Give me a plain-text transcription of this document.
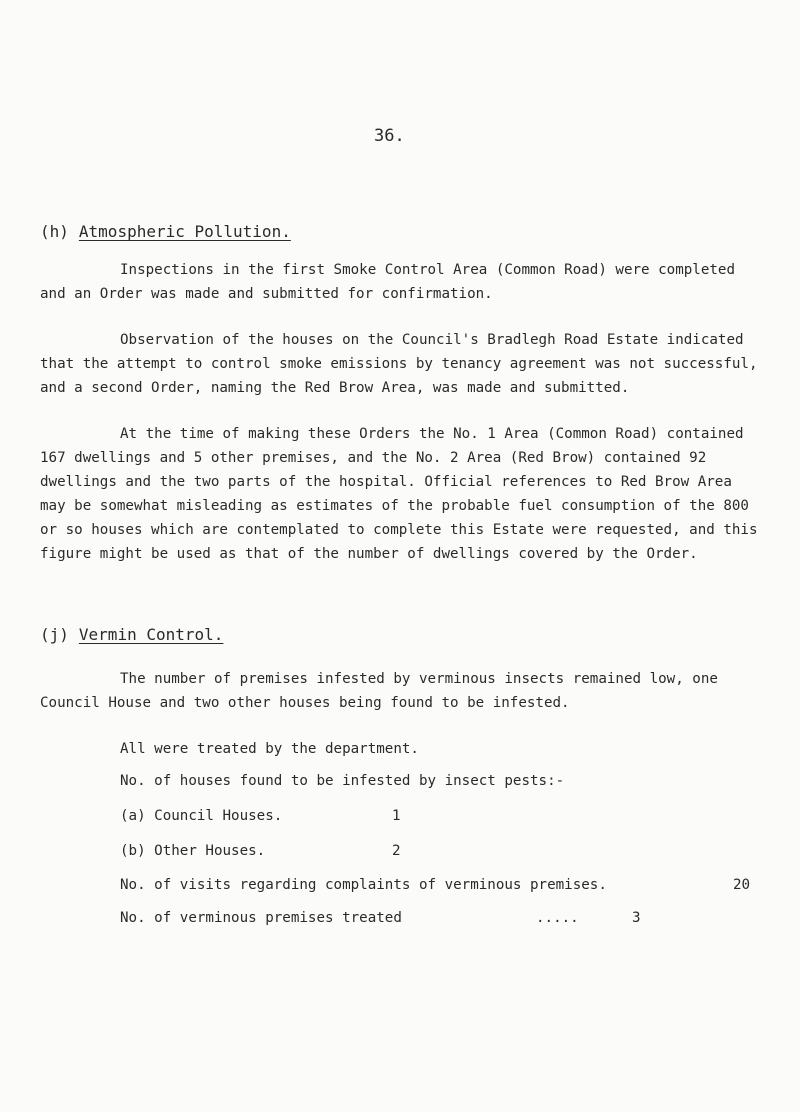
36.
(h) Atmospheric Pollution.

Inspections in the first Smoke Control Area (Common Road) were completed and an Order was made and submitted for confirmation.

Observation of the houses on the Council's Bradlegh Road Estate indicated that the attempt to control smoke emissions by tenancy agreement was not successful, and a second Order, naming the Red Brow Area, was made and submitted.

At the time of making these Orders the No. 1 Area (Common Road) contained 167 dwellings and 5 other premises, and the No. 2 Area (Red Brow) contained 92 dwellings and the two parts of the hospital. Official references to Red Brow Area may be somewhat misleading as estimates of the probable fuel consumption of the 800 or so houses which are contemplated to complete this Estate were requested, and this figure might be used as that of the number of dwellings covered by the Order.

(j) Vermin Control.

The number of premises infested by verminous insects remained low, one Council House and two other houses being found to be infested.

All were treated by the department.

No. of houses found to be infested by insect pests:-
(a) Council Houses.	1
(b) Other Houses.	2
No. of visits regarding complaints of verminous premises.	20
No. of verminous premises treated	.....	3
